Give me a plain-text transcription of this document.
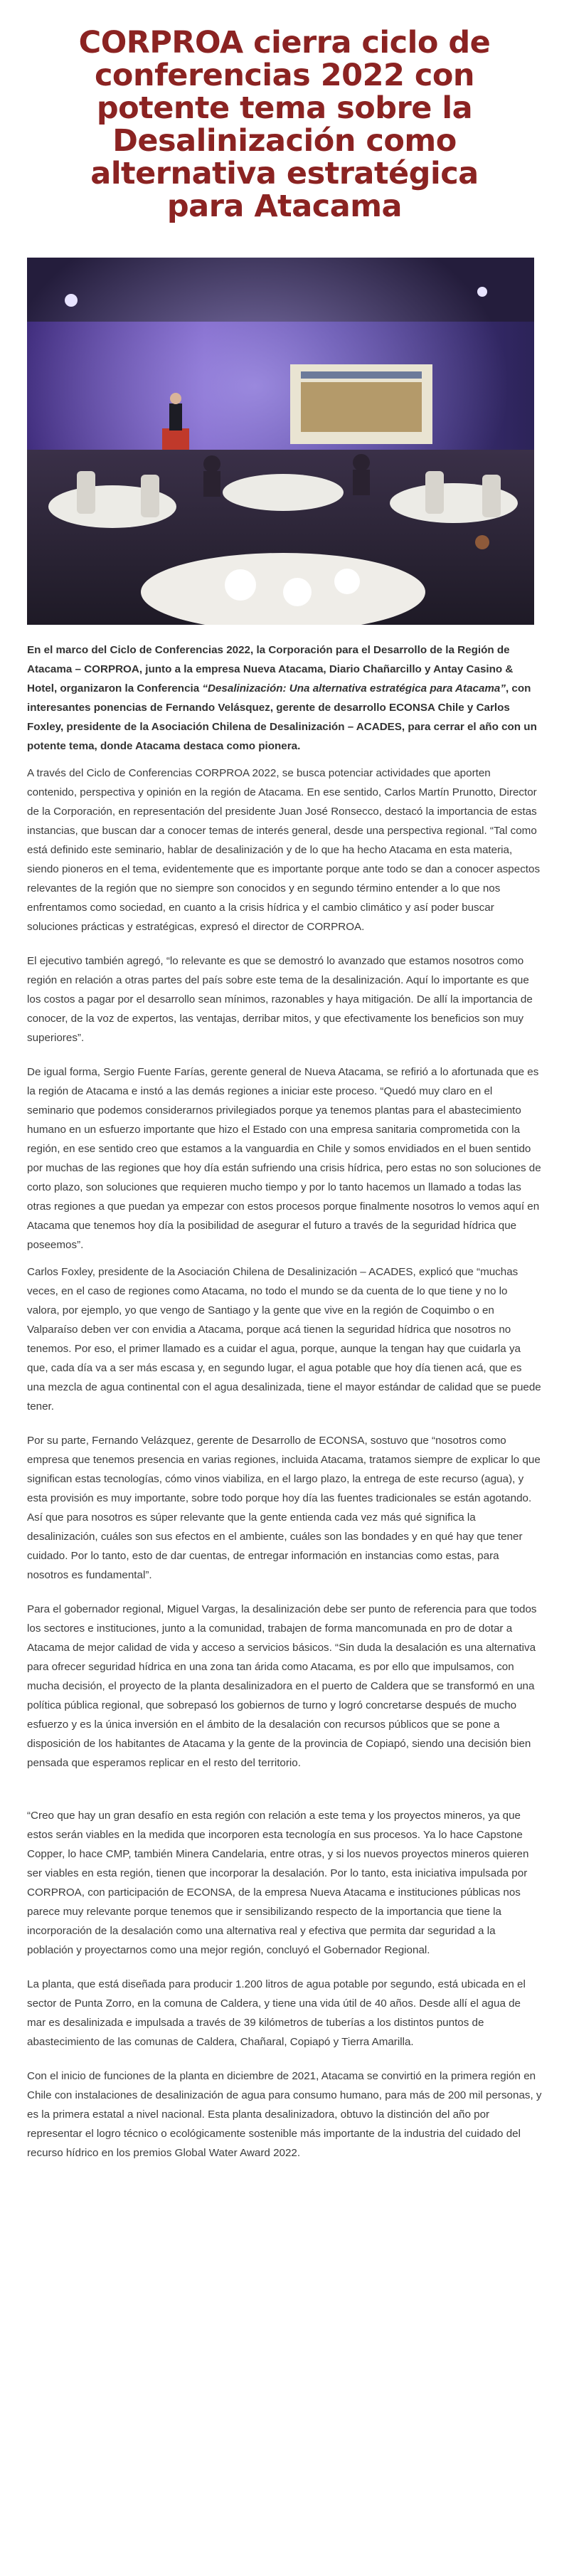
CORPROA cierra ciclo de
conferencias 2022 con
potente tema sobre la
Desalinización como
alternativa estratégica
para Atacama

En el marco del Ciclo de Conferencias 2022, la Corporación para el Desarrollo de la Región de Atacama – CORPROA, junto a la empresa Nueva Atacama, Diario Chañarcillo y Antay Casino & Hotel, organizaron la Conferencia “Desalinización: Una alternativa estratégica para Atacama”, con interesantes ponencias de Fernando Velásquez, gerente de desarrollo ECONSA Chile y Carlos Foxley, presidente de la Asociación Chilena de Desalinización – ACADES, para cerrar el año con un potente tema, donde Atacama destaca como pionera.

A través del Ciclo de Conferencias CORPROA 2022, se busca potenciar actividades que aporten contenido, perspectiva y opinión en la región de Atacama. En ese sentido, Carlos Martín Prunotto, Director de la Corporación, en representación del presidente Juan José Ronsecco, destacó la importancia de estas instancias, que buscan dar a conocer temas de interés general, desde una perspectiva regional. “Tal como está definido este seminario, hablar de desalinización y de lo que ha hecho Atacama en esta materia, siendo pioneros en el tema, evidentemente que es importante porque ante todo se dan a conocer aspectos relevantes de la región que no siempre son conocidos y en segundo término entender a lo que nos enfrentamos como sociedad, en cuanto a la crisis hídrica y el cambio climático y así poder buscar soluciones prácticas y estratégicas, expresó el director de CORPROA.

El ejecutivo también agregó, “lo relevante es que se demostró lo avanzado que estamos nosotros como región en relación a otras partes del país sobre este tema de la desalinización. Aquí lo importante es que los costos a pagar por el desarrollo sean mínimos, razonables y haya mitigación. De allí la importancia de conocer, de la voz de expertos, las ventajas, derribar mitos, y que efectivamente los beneficios son muy superiores”.

De igual forma, Sergio Fuente Farías, gerente general de Nueva Atacama, se refirió a lo afortunada que es la región de Atacama e instó a las demás regiones a iniciar este proceso. “Quedó muy claro en el seminario que podemos considerarnos privilegiados porque ya tenemos plantas para el abastecimiento humano en un esfuerzo importante que hizo el Estado con una empresa sanitaria comprometida con la región, en ese sentido creo que estamos a la vanguardia en Chile y somos envidiados en el buen sentido por muchas de las regiones que hoy día están sufriendo una crisis hídrica, pero estas no son soluciones de corto plazo, son soluciones que requieren mucho tiempo y por lo tanto hacemos un llamado a todas las otras regiones a que puedan ya empezar con estos procesos porque finalmente nosotros lo vemos aquí en Atacama que tenemos hoy día la posibilidad de asegurar el futuro a través de la seguridad hídrica que poseemos”.

Carlos Foxley, presidente de la Asociación Chilena de Desalinización – ACADES, explicó que “muchas veces, en el caso de regiones como Atacama, no todo el mundo se da cuenta de lo que tiene y no lo valora, por ejemplo, yo que vengo de Santiago y la gente que vive en la región de Coquimbo o en Valparaíso deben ver con envidia a Atacama, porque acá tienen la seguridad hídrica que nosotros no tenemos. Por eso, el primer llamado es a cuidar el agua, porque, aunque la tengan hay que cuidarla ya que, cada día va a ser más escasa y, en segundo lugar, el agua potable que hoy día tienen acá, que es una mezcla de agua continental con el agua desalinizada, tiene el mayor estándar de calidad que se puede tener.

Por su parte, Fernando Velázquez, gerente de Desarrollo de ECONSA, sostuvo que “nosotros como empresa que tenemos presencia en varias regiones, incluida Atacama, tratamos siempre de explicar lo que significan estas tecnologías, cómo vinos viabiliza, en el largo plazo, la entrega de este recurso (agua), y esta provisión es muy importante, sobre todo porque hoy día las fuentes tradicionales se están agotando. Así que para nosotros es súper relevante que la gente entienda cada vez más qué significa la desalinización, cuáles son sus efectos en el ambiente, cuáles son las bondades y en qué hay que tener cuidado. Por lo tanto, esto de dar cuentas, de entregar información en instancias como estas, para nosotros es fundamental”.

Para el gobernador regional, Miguel Vargas, la desalinización debe ser punto de referencia para que todos los sectores e instituciones, junto a la comunidad, trabajen de forma mancomunada en pro de dotar a Atacama de mejor calidad de vida y acceso a servicios básicos. “Sin duda la desalación es una alternativa para ofrecer seguridad hídrica en una zona tan árida como Atacama, es por ello que impulsamos, con mucha decisión, el proyecto de la planta desalinizadora en el puerto de Caldera que se transformó en una política pública regional, que sobrepasó los gobiernos de turno y logró concretarse después de mucho esfuerzo y es la única inversión en el ámbito de la desalación con recursos públicos que se pone a disposición de los habitantes de Atacama y la gente de la provincia de Copiapó, siendo una decisión bien pensada que esperamos replicar en el resto del territorio.

“Creo que hay un gran desafío en esta región con relación a este tema y los proyectos mineros, ya que estos serán viables en la medida que incorporen esta tecnología en sus procesos. Ya lo hace Capstone Copper, lo hace CMP, también Minera Candelaria, entre otras, y si los nuevos proyectos mineros quieren ser viables en esta región, tienen que incorporar la desalación. Por lo tanto, esta iniciativa impulsada por CORPROA, con participación de ECONSA, de la empresa Nueva Atacama e instituciones públicas nos parece muy relevante porque tenemos que ir sensibilizando respecto de la importancia que tiene la incorporación de la desalación como una alternativa real y efectiva que permita dar seguridad a la población y proyectarnos como una mejor región, concluyó el Gobernador Regional.

La planta, que está diseñada para producir 1.200 litros de agua potable por segundo, está ubicada en el sector de Punta Zorro, en la comuna de Caldera, y tiene una vida útil de 40 años. Desde allí el agua de mar es desalinizada e impulsada a través de 39 kilómetros de tuberías a los distintos puntos de abastecimiento de las comunas de Caldera, Chañaral, Copiapó y Tierra Amarilla.

Con el inicio de funciones de la planta en diciembre de 2021, Atacama se convirtió en la primera región en Chile con instalaciones de desalinización de agua para consumo humano, para más de 200 mil personas, y es la primera estatal a nivel nacional. Esta planta desalinizadora, obtuvo la distinción del año por representar el logro técnico o ecológicamente sostenible más importante de la industria del cuidado del recurso hídrico en los premios Global Water Award 2022.
